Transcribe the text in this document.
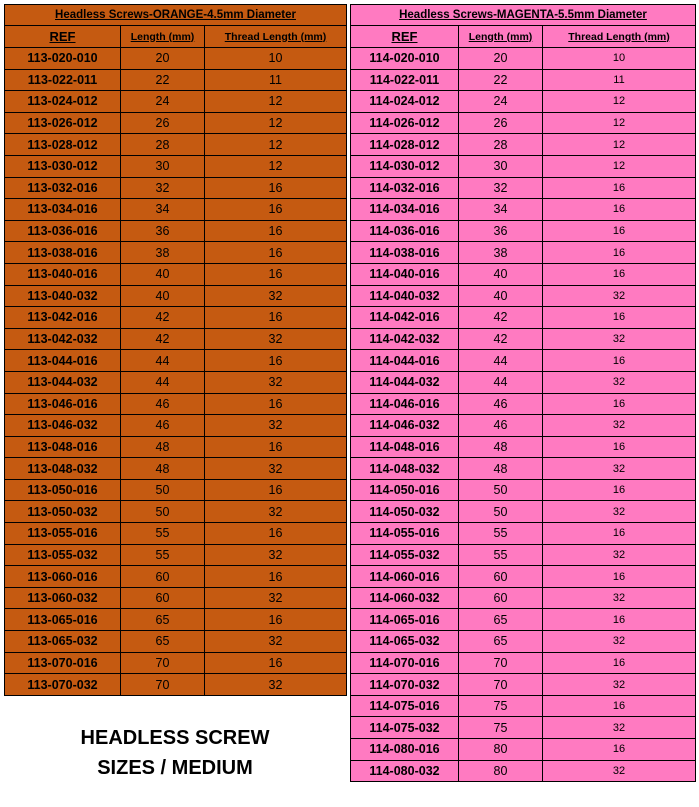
Headless Screws-ORANGE-4.5mm Diameter		
REF	Length (mm)	Thread Length (mm)
113-020-010	20	10
113-022-011	22	11
113-024-012	24	12
113-026-012	26	12
113-028-012	28	12
113-030-012	30	12
113-032-016	32	16
113-034-016	34	16
113-036-016	36	16
113-038-016	38	16
113-040-016	40	16
113-040-032	40	32
113-042-016	42	16
113-042-032	42	32
113-044-016	44	16
113-044-032	44	32
113-046-016	46	16
113-046-032	46	32
113-048-016	48	16
113-048-032	48	32
113-050-016	50	16
113-050-032	50	32
113-055-016	55	16
113-055-032	55	32
113-060-016	60	16
113-060-032	60	32
113-065-016	65	16
113-065-032	65	32
113-070-016	70	16
113-070-032	70	32
HEADLESS SCREW
SIZES / MEDIUM
Headless Screws-MAGENTA-5.5mm Diameter		
REF	Length (mm)	Thread Length (mm)
114-020-010	20	10
114-022-011	22	11
114-024-012	24	12
114-026-012	26	12
114-028-012	28	12
114-030-012	30	12
114-032-016	32	16
114-034-016	34	16
114-036-016	36	16
114-038-016	38	16
114-040-016	40	16
114-040-032	40	32
114-042-016	42	16
114-042-032	42	32
114-044-016	44	16
114-044-032	44	32
114-046-016	46	16
114-046-032	46	32
114-048-016	48	16
114-048-032	48	32
114-050-016	50	16
114-050-032	50	32
114-055-016	55	16
114-055-032	55	32
114-060-016	60	16
114-060-032	60	32
114-065-016	65	16
114-065-032	65	32
114-070-016	70	16
114-070-032	70	32
114-075-016	75	16
114-075-032	75	32
114-080-016	80	16
114-080-032	80	32
